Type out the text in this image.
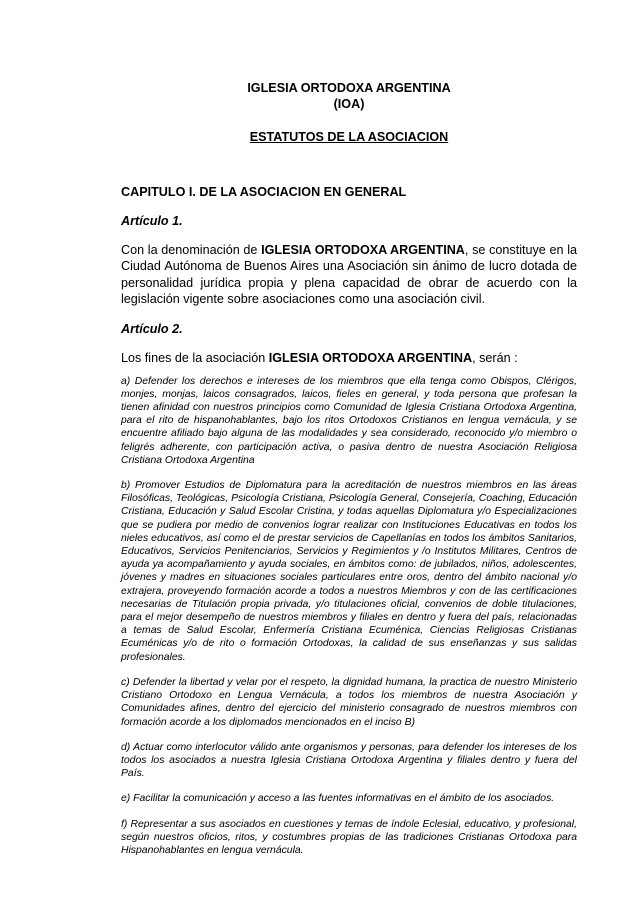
IGLESIA ORTODOXA ARGENTINA
(IOA)
ESTATUTOS DE LA ASOCIACION
CAPITULO I. DE LA ASOCIACION EN GENERAL
Artículo 1.
Con la denominación de IGLESIA ORTODOXA ARGENTINA, se constituye en la Ciudad Autónoma de Buenos Aires una Asociación sin ánimo de lucro dotada de personalidad jurídica propia y plena capacidad de obrar de acuerdo con la legislación vigente sobre asociaciones como una asociación civil.
Artículo 2.
Los fines de la asociación IGLESIA ORTODOXA ARGENTINA, serán :
a) Defender los derechos e intereses de los miembros que ella tenga como Obispos, Clérigos, monjes, monjas, laicos consagrados, laicos, fieles en general, y toda persona que profesan la tienen afinidad con nuestros principios como Comunidad de Iglesia Cristiana Ortodoxa Argentina, para el rito de hispanohablantes, bajo los ritos Ortodoxos Cristianos en lengua vernácula, y se encuentre afiliado bajo alguna de las modalidades y sea considerado, reconocido y/o miembro o feligrés adherente, con participación activa, o pasiva dentro de nuestra Asociación Religiosa Cristiana Ortodoxa Argentina
b) Promover Estudios de Diplomatura para la acreditación de nuestros miembros en las áreas Filosóficas, Teológicas, Psicología Cristiana, Psicología General, Consejería, Coaching, Educación Cristiana, Educación y Salud Escolar Cristina, y todas aquellas Diplomatura y/o Especializaciones que se pudiera por medio de convenios lograr realizar con Instituciones Educativas en todos los nieles educativos, así como el de prestar servicios de Capellanías en todos los ámbitos Sanitarios, Educativos, Servicios Penitenciarios, Servicios y Regimientos y /o Institutos Militares, Centros de ayuda ya acompañamiento y ayuda sociales, en ámbitos como: de jubilados, niños, adolescentes, jóvenes y madres en situaciones sociales particulares entre oros, dentro del ámbito nacional y/o extrajera, proveyendo formación acorde a todos a nuestros Miembros y con de las certificaciones necesarias de Titulación propia privada, y/o titulaciones oficial, convenios de doble titulaciones, para el mejor desempeño de nuestros miembros y filiales en dentro y fuera del país, relacionadas a temas de Salud Escolar, Enfermería Cristiana Ecuménica, Ciencias Religiosas Cristianas Ecuménicas y/o de rito o formación Ortodoxas, la calidad de sus enseñanzas y sus salidas profesionales.
c) Defender la libertad y velar por el respeto, la dignidad humana, la practica de nuestro Ministerio Cristiano Ortodoxo en Lengua Vernácula, a todos los miembros de nuestra Asociación y Comunidades afines, dentro del ejercicio del ministerio consagrado de nuestros miembros con formación acorde a los diplomados mencionados en el inciso B)
d) Actuar como interlocutor válido ante organismos y personas, para defender los intereses de los todos los asociados a nuestra Iglesia Cristiana Ortodoxa Argentina y filiales dentro y fuera del País.
e) Facilitar la comunicación y acceso a las fuentes informativas en el ámbito de los asociados.
f) Representar a sus asociados en cuestiones y temas de índole Eclesial, educativo, y profesional, según nuestros oficios, ritos, y costumbres propias de las tradiciones Cristianas Ortodoxa para Hispanohablantes en lengua vernácula.
